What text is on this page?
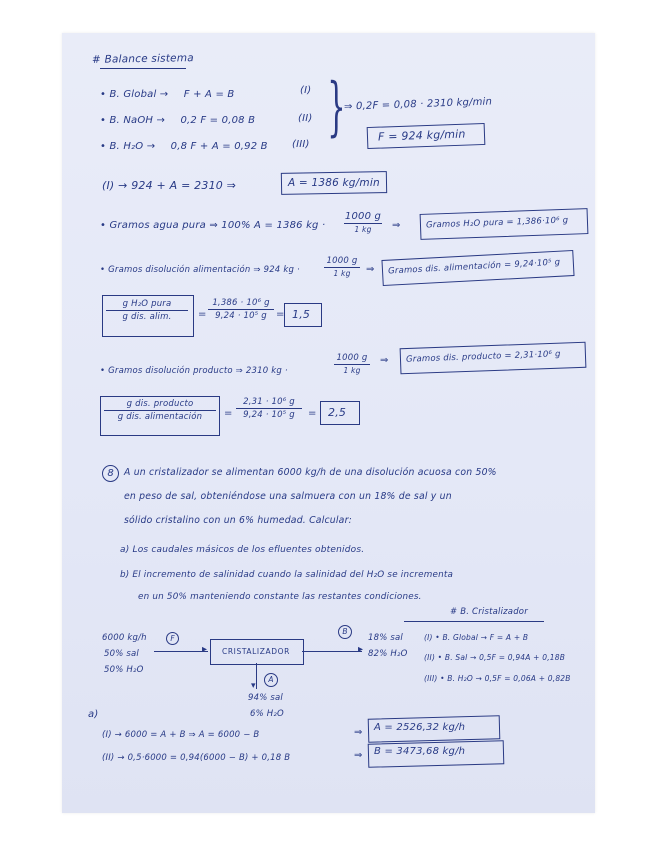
# Balance sistema
• B. Global → F + A = B	(I)
• B. NaOH → 0,2 F = 0,08 B	(II)
• B. H₂O → 0,8 F + A = 0,92 B (III)
}
⇒ 0,2F = 0,08 · 2310 kg/min
F = 924 kg/min
(I) → 924 + A = 2310 ⇒	A = 1386 kg/min
• Gramos agua pura ⇒ 100% A = 1386 kg ·
1000 g
1 kg	⇒	Gramos H₂O pura = 1,386·10⁶ g
• Gramos disolución alimentación ⇒ 924 kg ·
1000 g
1 kg	⇒ Gramos dis. alimentación = 9,24·10⁵ g
g H₂O pura
g dis. alim.	=
1,386 · 10⁶ g
9,24 · 10⁵ g = 1,5
• Gramos disolución producto ⇒ 2310 kg ·
1000 g
1 kg
⇒ Gramos dis. producto = 2,31·10⁶ g
g dis. producto
g dis. alimentación	=
2,31 · 10⁶ g
9,24 · 10⁵ g	= 2,5
8	A un cristalizador se alimentan 6000 kg/h de una disolución acuosa con 50%
en peso de sal, obteniéndose una salmuera con un 18% de sal y un
sólido cristalino con un 6% humedad. Calcular:
a) Los caudales másicos de los efluentes obtenidos.
b) El incremento de salinidad cuando la salinidad del H₂O se incrementa
en un 50% manteniendo constante las restantes condiciones.
6000 kg/h	F
50% sal
50% H₂O
▸ CRISTALIZADOR	▸
B
18% sal
82% H₂O
▾
A
94% sal
6% H₂O
# B. Cristalizador
(I) • B. Global → F = A + B
(II) • B. Sal → 0,5F = 0,94A + 0,18B
(III) • B. H₂O → 0,5F = 0,06A + 0,82B
a)
(I) → 6000 = A + B ⇒ A = 6000 − B	⇒ A = 2526,32 kg/h
(II) → 0,5·6000 = 0,94(6000 − B) + 0,18 B	⇒ B = 3473,68 kg/h
